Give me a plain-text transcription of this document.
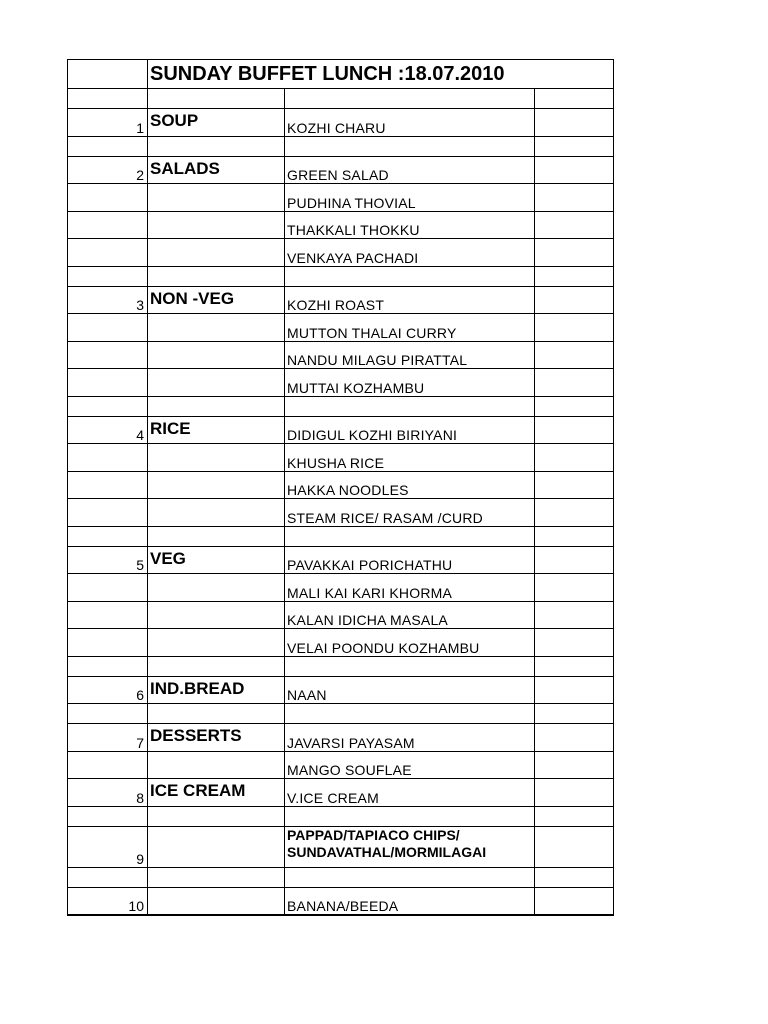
	SUNDAY BUFFET LUNCH :18.07.2010		

1	SOUP	KOZHI CHARU	

2	SALADS	GREEN SALAD	
		PUDHINA THOVIAL	
		THAKKALI THOKKU	
		VENKAYA PACHADI	

3	NON -VEG	KOZHI ROAST	
		MUTTON THALAI CURRY	
		NANDU MILAGU PIRATTAL	
		MUTTAI KOZHAMBU	

4	RICE	DIDIGUL KOZHI BIRIYANI	
		KHUSHA RICE	
		HAKKA NOODLES	
		STEAM RICE/ RASAM /CURD	

5	VEG	PAVAKKAI PORICHATHU	
		MALI KAI KARI KHORMA	
		KALAN IDICHA MASALA	
		VELAI POONDU KOZHAMBU	

6	IND.BREAD	NAAN	

7	DESSERTS	JAVARSI PAYASAM	
		MANGO SOUFLAE	
8	ICE CREAM	V.ICE CREAM	

9		PAPPAD/TAPIACO CHIPS/ SUNDAVATHAL/MORMILAGAI	

10		BANANA/BEEDA	
